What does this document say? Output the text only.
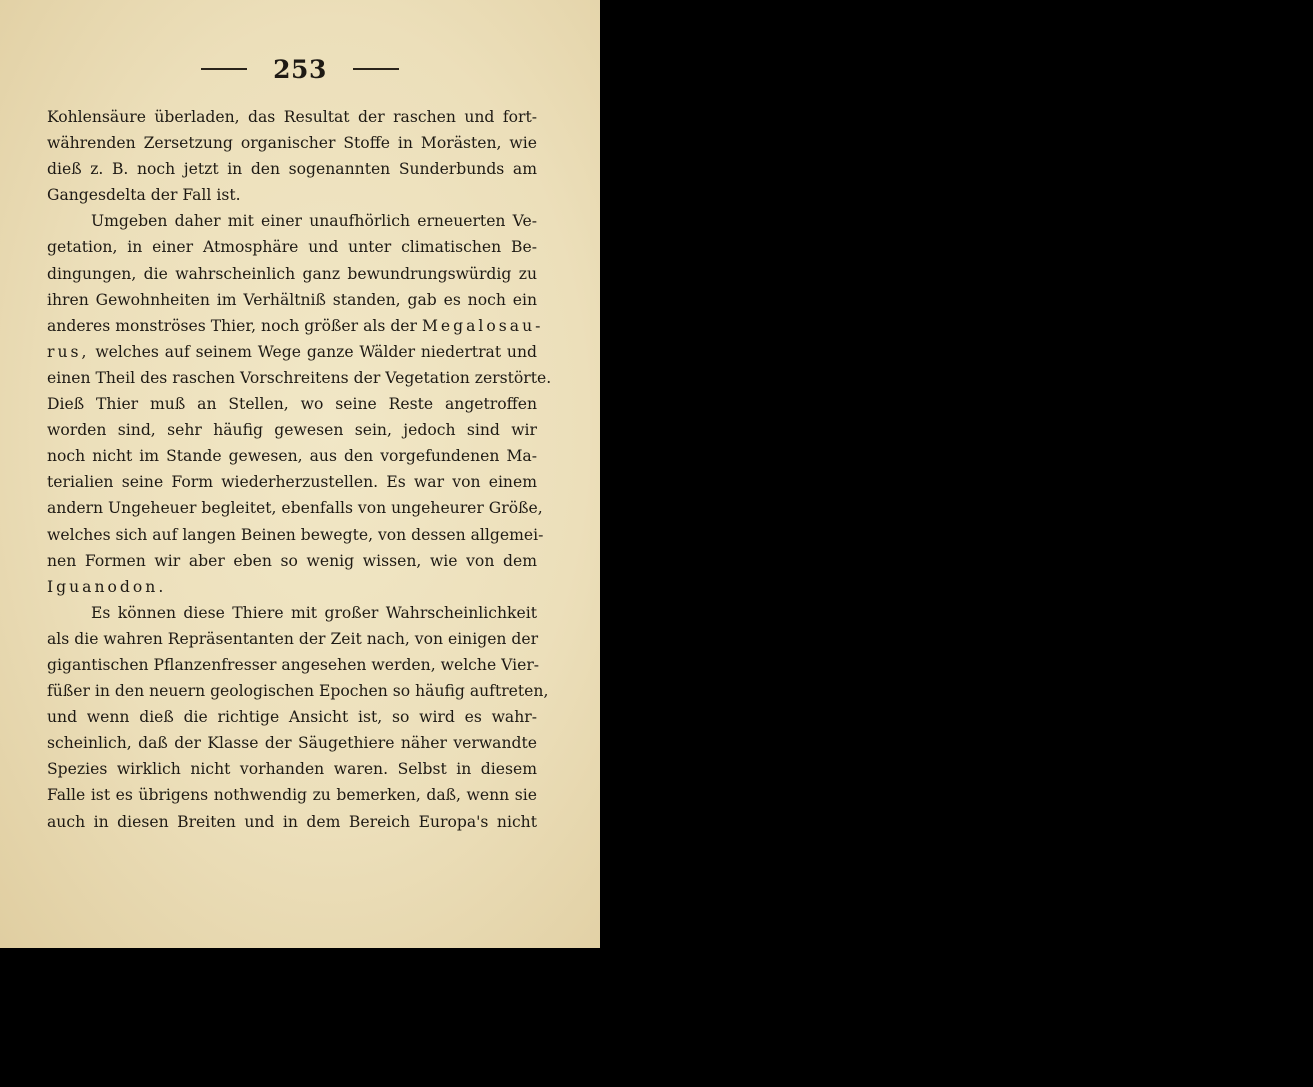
253
Kohlensäure überladen, das Resultat der raschen und fort-
währenden Zersetzung organischer Stoffe in Morästen, wie
dieß z. B. noch jetzt in den sogenannten Sunderbunds am
Gangesdelta der Fall ist.
Umgeben daher mit einer unaufhörlich erneuerten Ve-
getation, in einer Atmosphäre und unter climatischen Be-
dingungen, die wahrscheinlich ganz bewundrungswürdig zu
ihren Gewohnheiten im Verhältniß standen, gab es noch ein
anderes monströses Thier, noch größer als der Megalosau-
rus, welches auf seinem Wege ganze Wälder niedertrat und
einen Theil des raschen Vorschreitens der Vegetation zerstörte.
Dieß Thier muß an Stellen, wo seine Reste angetroffen
worden sind, sehr häufig gewesen sein, jedoch sind wir
noch nicht im Stande gewesen, aus den vorgefundenen Ma-
terialien seine Form wiederherzustellen. Es war von einem
andern Ungeheuer begleitet, ebenfalls von ungeheurer Größe,
welches sich auf langen Beinen bewegte, von dessen allgemei-
nen Formen wir aber eben so wenig wissen, wie von dem
Iguanodon.
Es können diese Thiere mit großer Wahrscheinlichkeit
als die wahren Repräsentanten der Zeit nach, von einigen der
gigantischen Pflanzenfresser angesehen werden, welche Vier-
füßer in den neuern geologischen Epochen so häufig auftreten,
und wenn dieß die richtige Ansicht ist, so wird es wahr-
scheinlich, daß der Klasse der Säugethiere näher verwandte
Spezies wirklich nicht vorhanden waren. Selbst in diesem
Falle ist es übrigens nothwendig zu bemerken, daß, wenn sie
auch in diesen Breiten und in dem Bereich Europa's nicht
